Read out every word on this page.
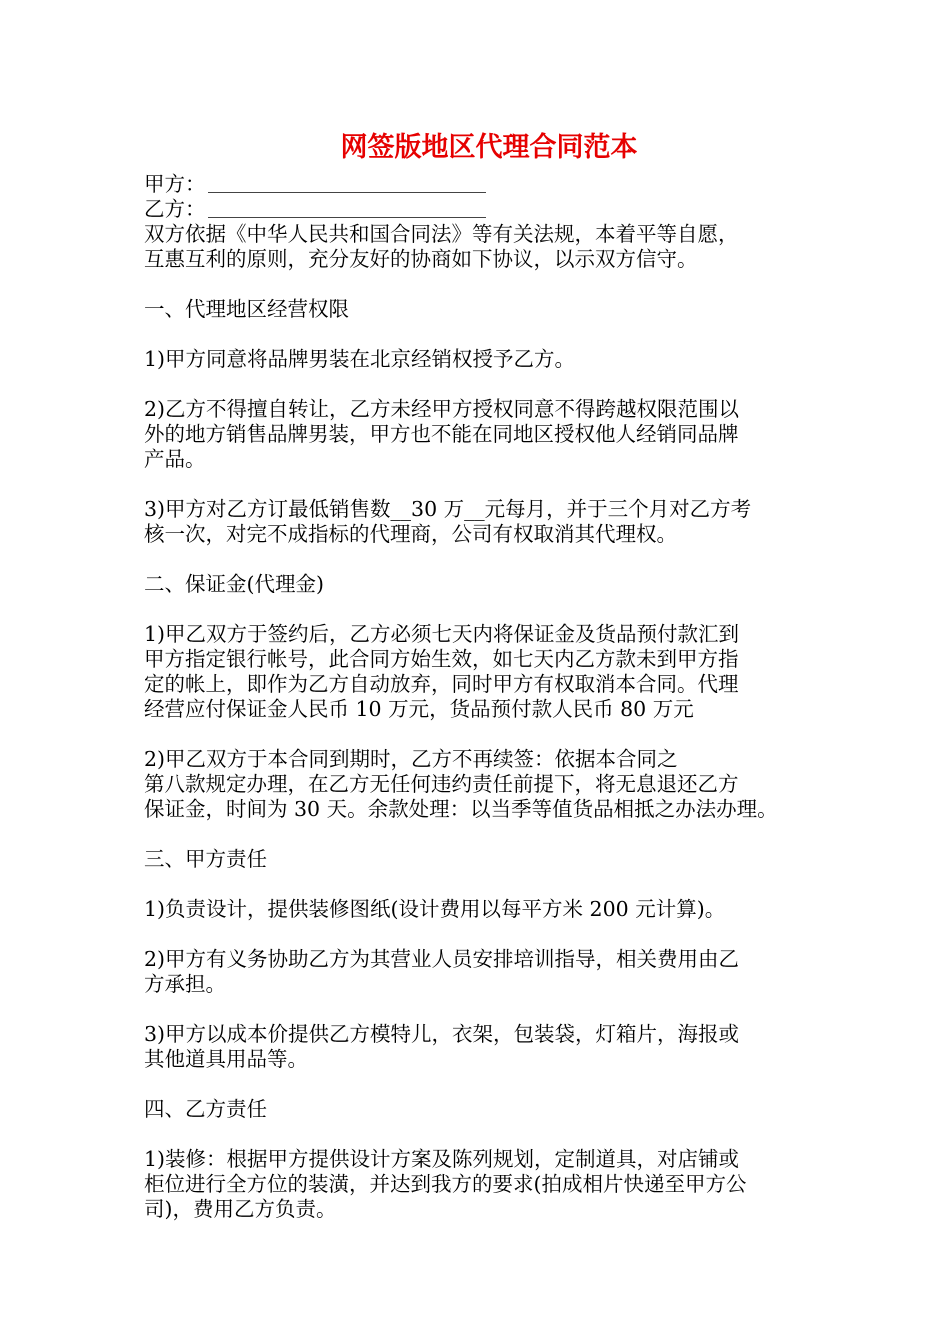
网签版地区代理合同范本
甲方：
乙方：
双方依据《中华人民共和国合同法》等有关法规，本着平等自愿，
互惠互利的原则，充分友好的协商如下协议，以示双方信守。
一、代理地区经营权限
1)甲方同意将品牌男装在北京经销权授予乙方。
2)乙方不得擅自转让，乙方未经甲方授权同意不得跨越权限范围以
外的地方销售品牌男装，甲方也不能在同地区授权他人经销同品牌
产品。
3)甲方对乙方订最低销售数__30 万__元每月，并于三个月对乙方考
核一次，对完不成指标的代理商，公司有权取消其代理权。
二、保证金(代理金)
1)甲乙双方于签约后，乙方必须七天内将保证金及货品预付款汇到
甲方指定银行帐号，此合同方始生效，如七天内乙方款未到甲方指
定的帐上，即作为乙方自动放弃，同时甲方有权取消本合同。代理
经营应付保证金人民币 10 万元，货品预付款人民币 80 万元
2)甲乙双方于本合同到期时，乙方不再续签：依据本合同之
第八款规定办理，在乙方无任何违约责任前提下，将无息退还乙方
保证金，时间为 30 天。余款处理：以当季等值货品相抵之办法办理。
三、甲方责任
1)负责设计，提供装修图纸(设计费用以每平方米 200 元计算)。
2)甲方有义务协助乙方为其营业人员安排培训指导，相关费用由乙
方承担。
3)甲方以成本价提供乙方模特儿，衣架，包装袋，灯箱片，海报或
其他道具用品等。
四、乙方责任
1)装修：根据甲方提供设计方案及陈列规划，定制道具，对店铺或
柜位进行全方位的装潢，并达到我方的要求(拍成相片快递至甲方公
司)，费用乙方负责。
